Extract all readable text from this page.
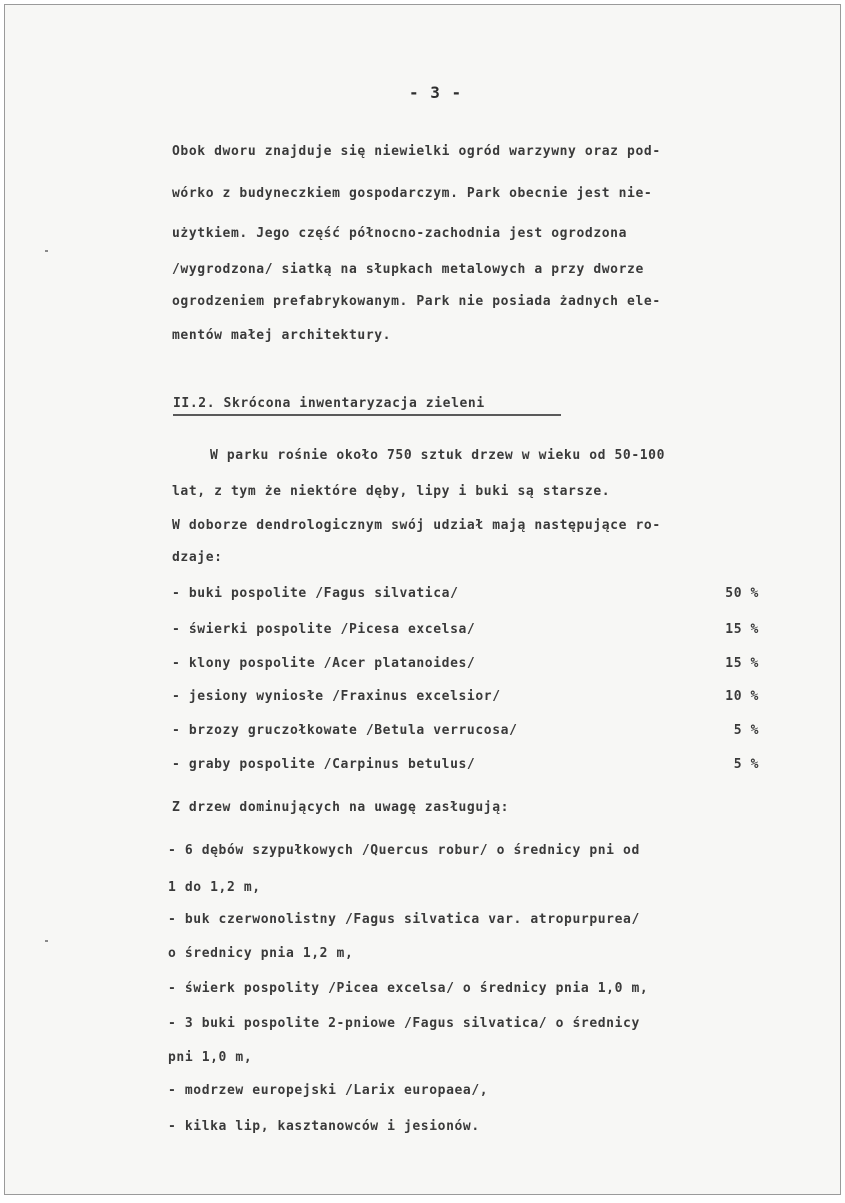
- 3 -
Obok dworu znajduje się niewielki ogród warzywny oraz pod-
wórko z budyneczkiem gospodarczym. Park obecnie jest nie-
użytkiem. Jego część północno-zachodnia jest ogrodzona
/wygrodzona/ siatką na słupkach metalowych a przy dworze
ogrodzeniem prefabrykowanym. Park nie posiada żadnych ele-
mentów małej architektury.
II.2. Skrócona inwentaryzacja zieleni
W parku rośnie około 750 sztuk drzew w wieku od 50-100
lat, z tym że niektóre dęby, lipy i buki są starsze.
W doborze dendrologicznym swój udział mają następujące ro-
dzaje:
- buki pospolite /Fagus silvatica/	50 %
- świerki pospolite /Picesa excelsa/	15 %
- klony pospolite /Acer platanoides/	15 %
- jesiony wyniosłe /Fraxinus excelsior/	10 %
- brzozy gruczołkowate /Betula verrucosa/	5 %
- graby pospolite /Carpinus betulus/	5 %
Z drzew dominujących na uwagę zasługują:
- 6 dębów szypułkowych /Quercus robur/ o średnicy pni od
1 do 1,2 m,
- buk czerwonolistny /Fagus silvatica var. atropurpurea/
o średnicy pnia 1,2 m,
- świerk pospolity /Picea excelsa/ o średnicy pnia 1,0 m,
- 3 buki pospolite 2-pniowe /Fagus silvatica/ o średnicy
pni 1,0 m,
- modrzew europejski /Larix europaea/,
- kilka lip, kasztanowców i jesionów.
